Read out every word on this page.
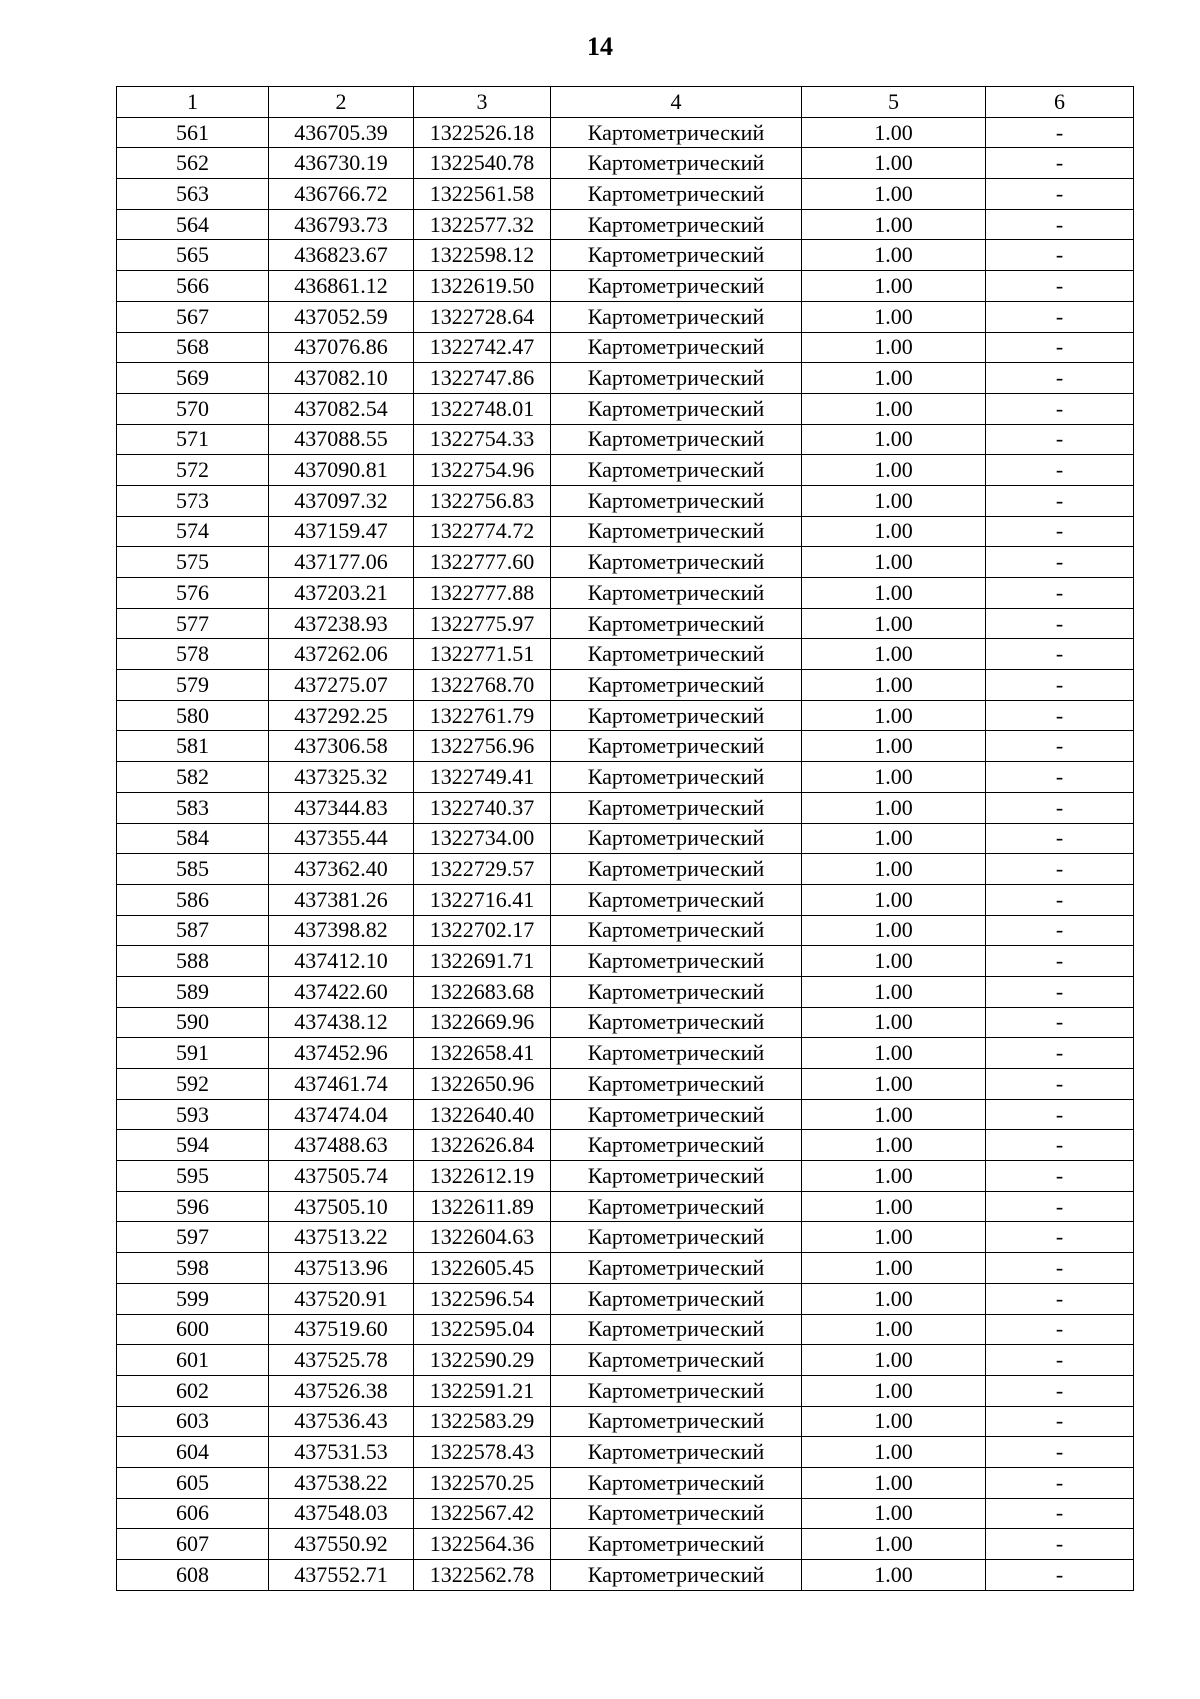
14
1	2	3	4	5	6
561	436705.39	1322526.18	Картометрический	1.00	-
562	436730.19	1322540.78	Картометрический	1.00	-
563	436766.72	1322561.58	Картометрический	1.00	-
564	436793.73	1322577.32	Картометрический	1.00	-
565	436823.67	1322598.12	Картометрический	1.00	-
566	436861.12	1322619.50	Картометрический	1.00	-
567	437052.59	1322728.64	Картометрический	1.00	-
568	437076.86	1322742.47	Картометрический	1.00	-
569	437082.10	1322747.86	Картометрический	1.00	-
570	437082.54	1322748.01	Картометрический	1.00	-
571	437088.55	1322754.33	Картометрический	1.00	-
572	437090.81	1322754.96	Картометрический	1.00	-
573	437097.32	1322756.83	Картометрический	1.00	-
574	437159.47	1322774.72	Картометрический	1.00	-
575	437177.06	1322777.60	Картометрический	1.00	-
576	437203.21	1322777.88	Картометрический	1.00	-
577	437238.93	1322775.97	Картометрический	1.00	-
578	437262.06	1322771.51	Картометрический	1.00	-
579	437275.07	1322768.70	Картометрический	1.00	-
580	437292.25	1322761.79	Картометрический	1.00	-
581	437306.58	1322756.96	Картометрический	1.00	-
582	437325.32	1322749.41	Картометрический	1.00	-
583	437344.83	1322740.37	Картометрический	1.00	-
584	437355.44	1322734.00	Картометрический	1.00	-
585	437362.40	1322729.57	Картометрический	1.00	-
586	437381.26	1322716.41	Картометрический	1.00	-
587	437398.82	1322702.17	Картометрический	1.00	-
588	437412.10	1322691.71	Картометрический	1.00	-
589	437422.60	1322683.68	Картометрический	1.00	-
590	437438.12	1322669.96	Картометрический	1.00	-
591	437452.96	1322658.41	Картометрический	1.00	-
592	437461.74	1322650.96	Картометрический	1.00	-
593	437474.04	1322640.40	Картометрический	1.00	-
594	437488.63	1322626.84	Картометрический	1.00	-
595	437505.74	1322612.19	Картометрический	1.00	-
596	437505.10	1322611.89	Картометрический	1.00	-
597	437513.22	1322604.63	Картометрический	1.00	-
598	437513.96	1322605.45	Картометрический	1.00	-
599	437520.91	1322596.54	Картометрический	1.00	-
600	437519.60	1322595.04	Картометрический	1.00	-
601	437525.78	1322590.29	Картометрический	1.00	-
602	437526.38	1322591.21	Картометрический	1.00	-
603	437536.43	1322583.29	Картометрический	1.00	-
604	437531.53	1322578.43	Картометрический	1.00	-
605	437538.22	1322570.25	Картометрический	1.00	-
606	437548.03	1322567.42	Картометрический	1.00	-
607	437550.92	1322564.36	Картометрический	1.00	-
608	437552.71	1322562.78	Картометрический	1.00	-
